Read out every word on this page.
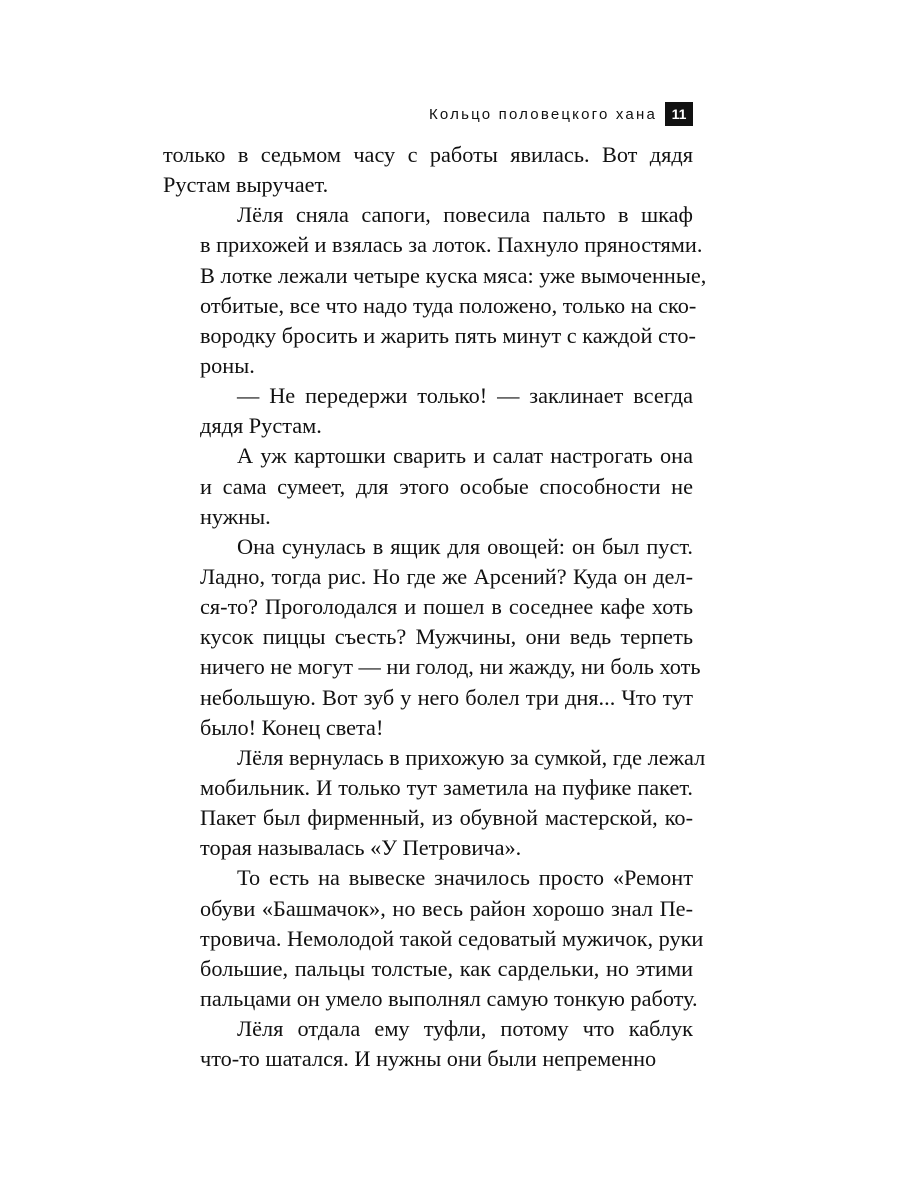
Кольцо половецкого хана	11
только в седьмом часу с работы явилась. Вот дядя
Рустам выручает.
Лёля сняла сапоги, повесила пальто в шкаф
в прихожей и взялась за лоток. Пахнуло пряностями.
В лотке лежали четыре куска мяса: уже вымоченные,
отбитые, все что надо туда положено, только на ско-
вородку бросить и жарить пять минут с каждой сто-
роны.
— Не передержи только! — заклинает всегда
дядя Рустам.
А уж картошки сварить и салат настрогать она
и сама сумеет, для этого особые способности не
нужны.
Она сунулась в ящик для овощей: он был пуст.
Ладно, тогда рис. Но где же Арсений? Куда он дел-
ся-то? Проголодался и пошел в соседнее кафе хоть
кусок пиццы съесть? Мужчины, они ведь терпеть
ничего не могут — ни голод, ни жажду, ни боль хоть
небольшую. Вот зуб у него болел три дня... Что тут
было! Конец света!
Лёля вернулась в прихожую за сумкой, где лежал
мобильник. И только тут заметила на пуфике пакет.
Пакет был фирменный, из обувной мастерской, ко-
торая называлась «У Петровича».
То есть на вывеске значилось просто «Ремонт
обуви «Башмачок», но весь район хорошо знал Пе-
тровича. Немолодой такой седоватый мужичок, руки
большие, пальцы толстые, как сардельки, но этими
пальцами он умело выполнял самую тонкую работу.
Лёля отдала ему туфли, потому что каблук
что-то шатался. И нужны они были непременно
